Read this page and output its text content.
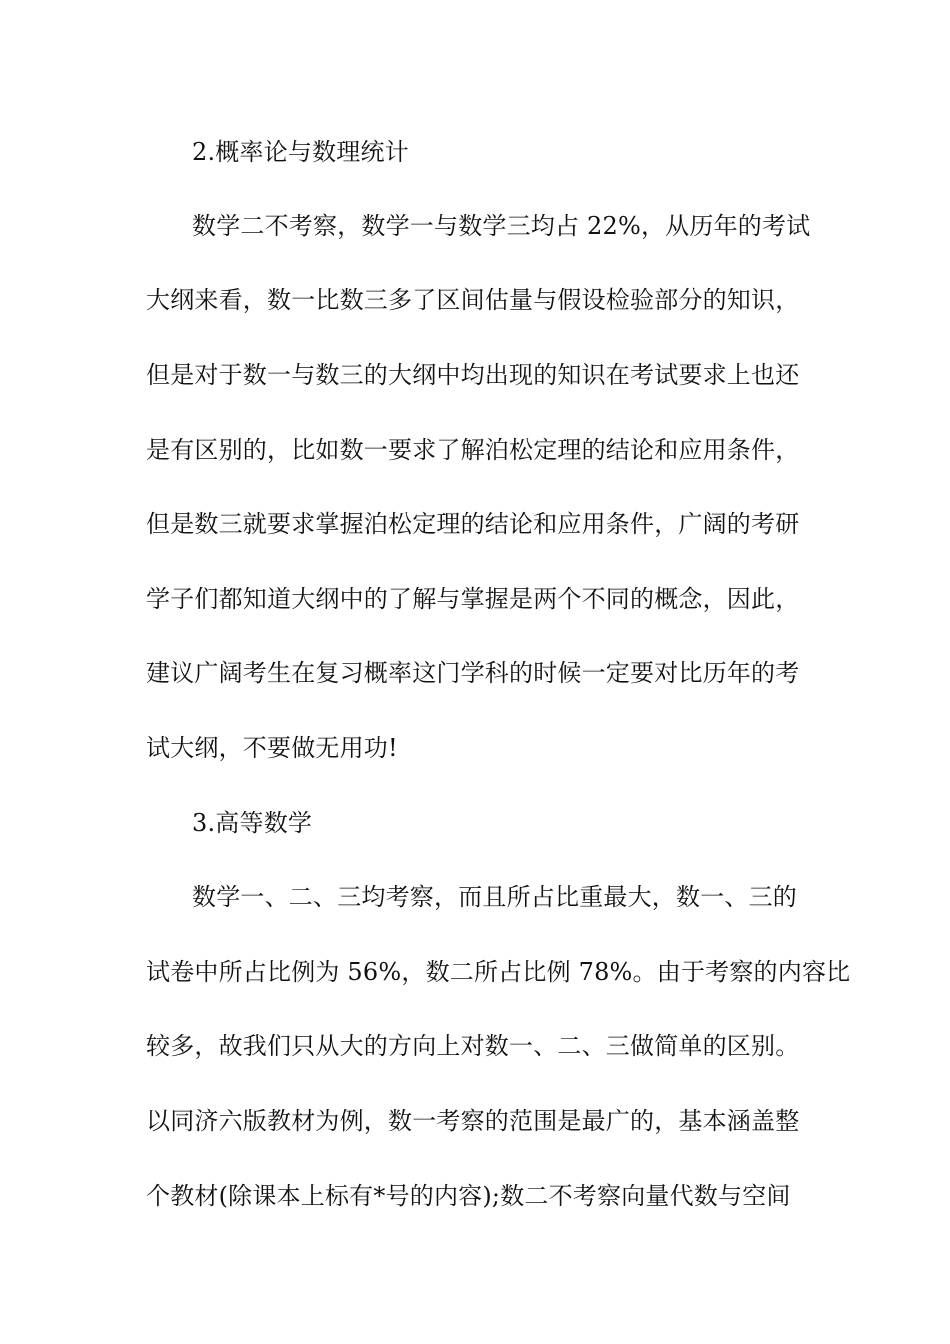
2.概率论与数理统计
数学二不考察，数学一与数学三均占 22%，从历年的考试
大纲来看，数一比数三多了区间估量与假设检验部分的知识，
但是对于数一与数三的大纲中均出现的知识在考试要求上也还
是有区别的，比如数一要求了解泊松定理的结论和应用条件，
但是数三就要求掌握泊松定理的结论和应用条件，广阔的考研
学子们都知道大纲中的了解与掌握是两个不同的概念，因此，
建议广阔考生在复习概率这门学科的时候一定要对比历年的考
试大纲，不要做无用功!
3.高等数学
数学一、二、三均考察，而且所占比重最大，数一、三的
试卷中所占比例为 56%，数二所占比例 78%。由于考察的内容比
较多，故我们只从大的方向上对数一、二、三做简单的区别。
以同济六版教材为例，数一考察的范围是最广的，基本涵盖整
个教材(除课本上标有*号的内容);数二不考察向量代数与空间
